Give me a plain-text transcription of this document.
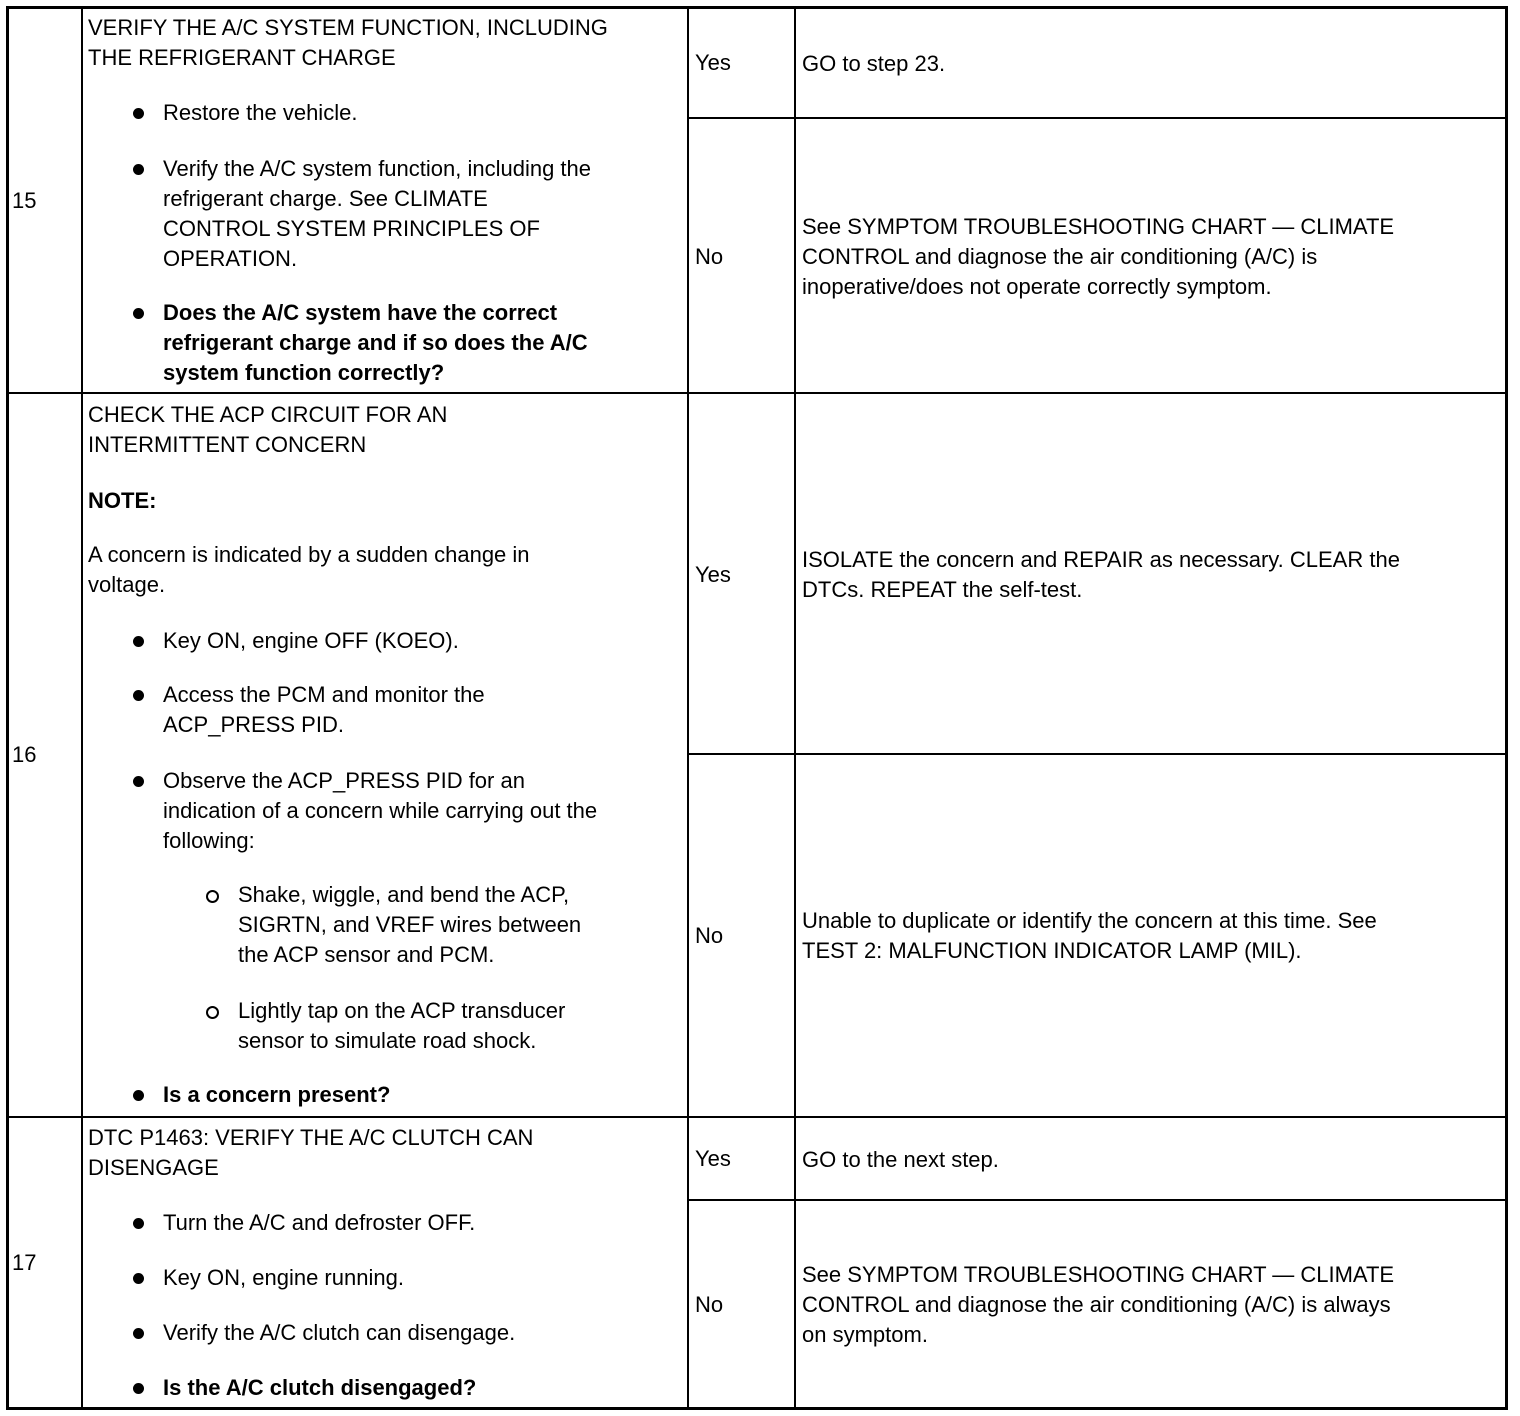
15
VERIFY THE A/C SYSTEM FUNCTION, INCLUDING
THE REFRIGERANT CHARGE
Restore the vehicle.
Verify the A/C system function, including the
refrigerant charge. See CLIMATE
CONTROL SYSTEM PRINCIPLES OF
OPERATION.
Does the A/C system have the correct
refrigerant charge and if so does the A/C
system function correctly?
Yes	GO to step 23.
No
See SYMPTOM TROUBLESHOOTING CHART — CLIMATE
CONTROL and diagnose the air conditioning (A/C) is
inoperative/does not operate correctly symptom.
16
CHECK THE ACP CIRCUIT FOR AN
INTERMITTENT CONCERN
NOTE:
A concern is indicated by a sudden change in
voltage.
Key ON, engine OFF (KOEO).
Access the PCM and monitor the
ACP_PRESS PID.
Observe the ACP_PRESS PID for an
indication of a concern while carrying out the
following:
Shake, wiggle, and bend the ACP,
SIGRTN, and VREF wires between
the ACP sensor and PCM.
Lightly tap on the ACP transducer
sensor to simulate road shock.
Is a concern present?
Yes
ISOLATE the concern and REPAIR as necessary. CLEAR the
DTCs. REPEAT the self-test.
No
Unable to duplicate or identify the concern at this time. See
TEST 2: MALFUNCTION INDICATOR LAMP (MIL).
17
DTC P1463: VERIFY THE A/C CLUTCH CAN
DISENGAGE
Turn the A/C and defroster OFF.
Key ON, engine running.
Verify the A/C clutch can disengage.
Is the A/C clutch disengaged?
Yes	GO to the next step.
No
See SYMPTOM TROUBLESHOOTING CHART — CLIMATE
CONTROL and diagnose the air conditioning (A/C) is always
on symptom.
